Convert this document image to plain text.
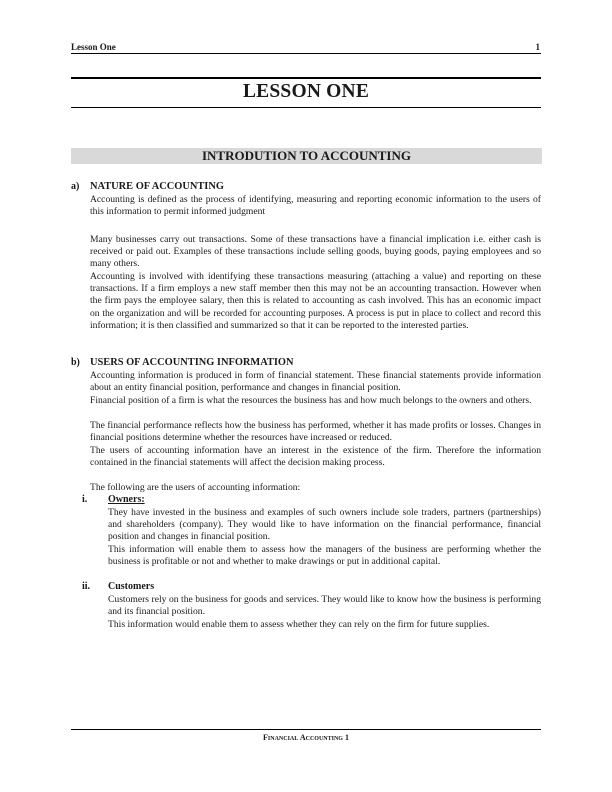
Lesson One	1
LESSON ONE
INTRODUTION TO ACCOUNTING
a) NATURE OF ACCOUNTING
Accounting is defined as the process of identifying, measuring and reporting economic information to the users of this information to permit informed judgment
Many businesses carry out transactions. Some of these transactions have a financial implication i.e. either cash is received or paid out. Examples of these transactions include selling goods, buying goods, paying employees and so many others.
Accounting is involved with identifying these transactions measuring (attaching a value) and reporting on these transactions. If a firm employs a new staff member then this may not be an accounting transaction. However when the firm pays the employee salary, then this is related to accounting as cash involved. This has an economic impact on the organization and will be recorded for accounting purposes. A process is put in place to collect and record this information; it is then classified and summarized so that it can be reported to the interested parties.
b) USERS OF ACCOUNTING INFORMATION
Accounting information is produced in form of financial statement. These financial statements provide information about an entity financial position, performance and changes in financial position.
Financial position of a firm is what the resources the business has and how much belongs to the owners and others.
The financial performance reflects how the business has performed, whether it has made profits or losses. Changes in financial positions determine whether the resources have increased or reduced.
The users of accounting information have an interest in the existence of the firm. Therefore the information contained in the financial statements will affect the decision making process.
The following are the users of accounting information:
i. Owners:
They have invested in the business and examples of such owners include sole traders, partners (partnerships) and shareholders (company). They would like to have information on the financial performance, financial position and changes in financial position.
This information will enable them to assess how the managers of the business are performing whether the business is profitable or not and whether to make drawings or put in additional capital.
ii. Customers
Customers rely on the business for goods and services. They would like to know how the business is performing and its financial position.
This information would enable them to assess whether they can rely on the firm for future supplies.
Financial Accounting 1
